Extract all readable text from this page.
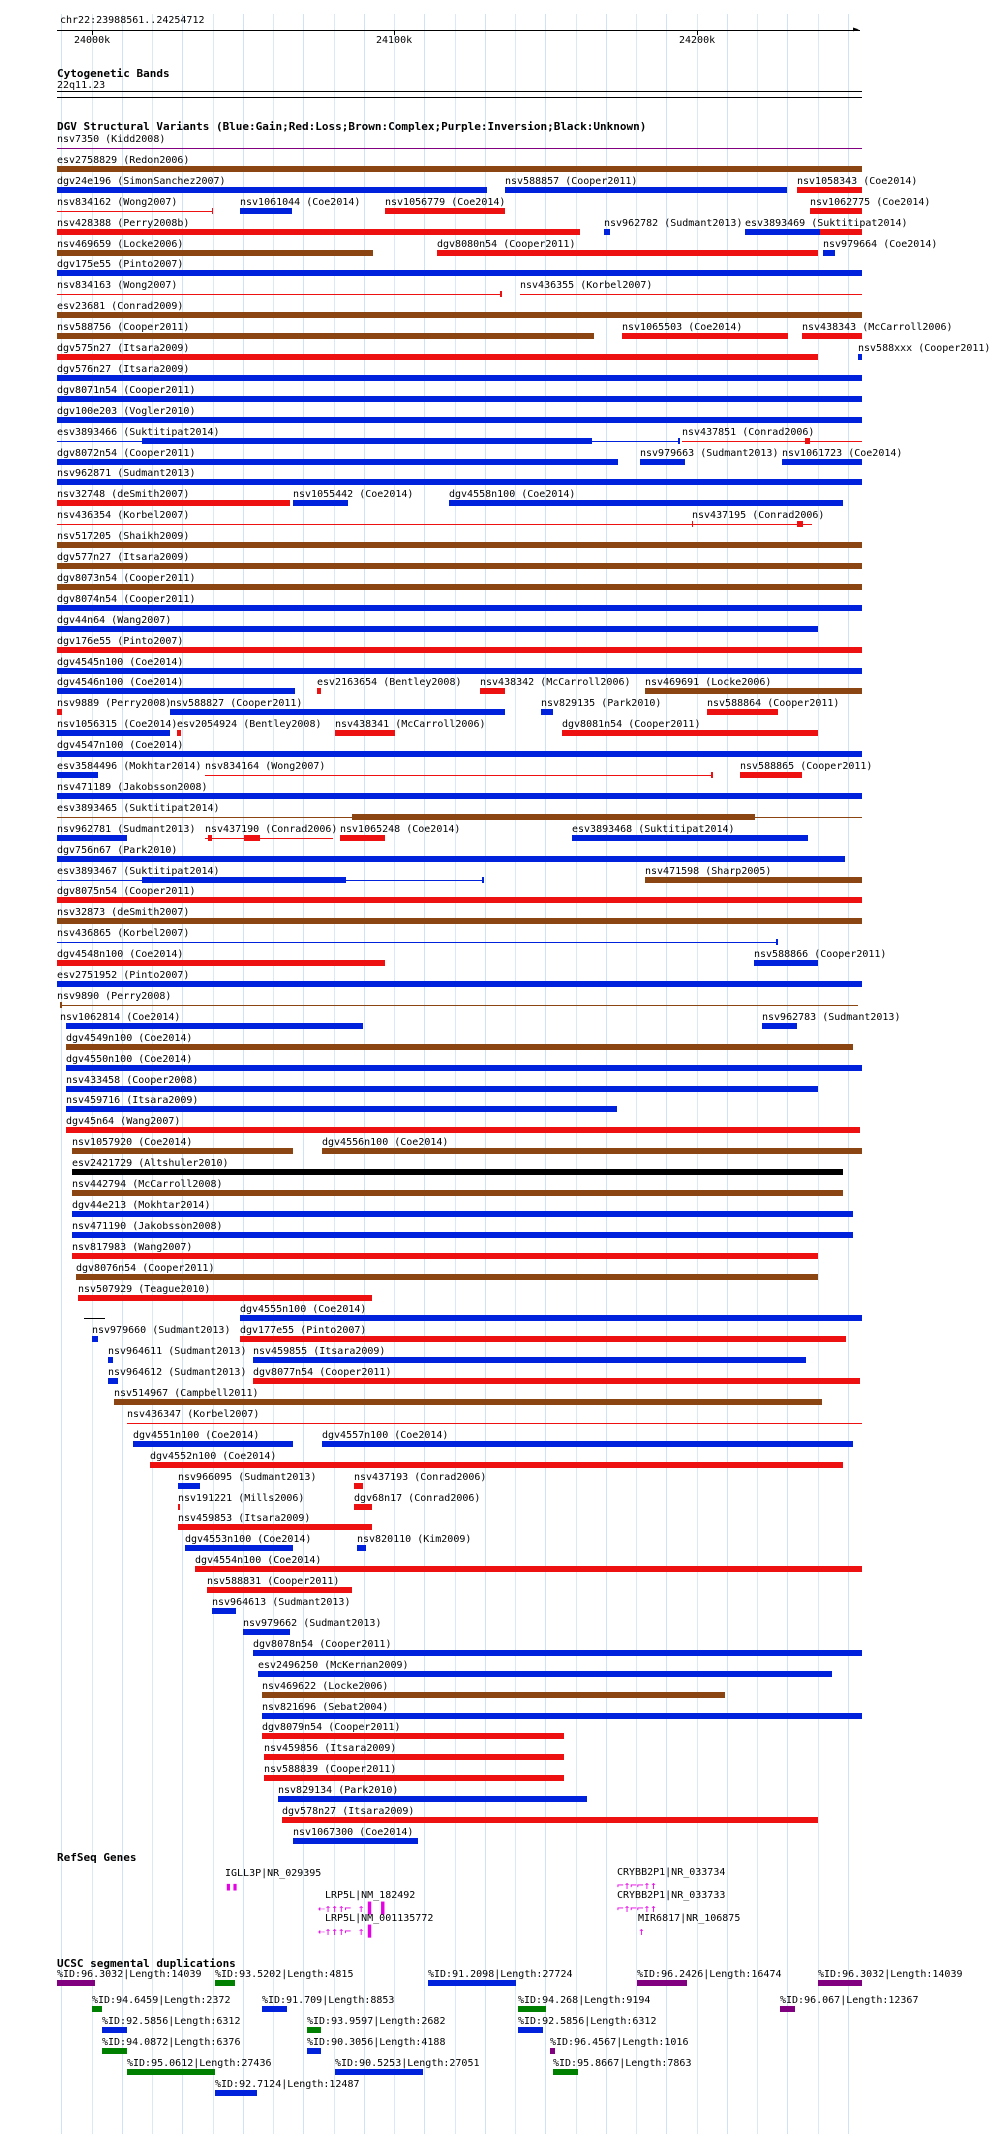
chr22:23988561..24254712
►
24000k	24100k	24200k
Cytogenetic Bands
22q11.23
DGV Structural Variants (Blue:Gain;Red:Loss;Brown:Complex;Purple:Inversion;Black:Unknown)
nsv7350 (Kidd2008)
esv2758829 (Redon2006)
dgv24e196 (SimonSanchez2007)	nsv588857 (Cooper2011)	nsv1058343 (Coe2014)
nsv834162 (Wong2007)	nsv1061044 (Coe2014) nsv1056779 (Coe2014)	nsv1062775 (Coe2014)
nsv428388 (Perry2008b)	nsv962782 (Sudmant2013) esv3893469 (Suktitipat2014)
nsv469659 (Locke2006)	dgv8080n54 (Cooper2011)	nsv979664 (Coe2014)
dgv175e55 (Pinto2007)
nsv834163 (Wong2007)	nsv436355 (Korbel2007)
esv23681 (Conrad2009)
nsv588756 (Cooper2011)	nsv1065503 (Coe2014)	nsv438343 (McCarroll2006)
dgv575n27 (Itsara2009)	nsv588xxx (Cooper2011)
dgv576n27 (Itsara2009)
dgv8071n54 (Cooper2011)
dgv100e203 (Vogler2010)
esv3893466 (Suktitipat2014)	nsv437851 (Conrad2006)
dgv8072n54 (Cooper2011)	nsv979663 (Sudmant2013) nsv1061723 (Coe2014)
nsv962871 (Sudmant2013)
nsv32748 (deSmith2007)	nsv1055442 (Coe2014)	dgv4558n100 (Coe2014)
nsv436354 (Korbel2007)	nsv437195 (Conrad2006)
nsv517205 (Shaikh2009)
dgv577n27 (Itsara2009)
dgv8073n54 (Cooper2011)
dgv8074n54 (Cooper2011)
dgv44n64 (Wang2007)
dgv176e55 (Pinto2007)
dgv4545n100 (Coe2014)
dgv4546n100 (Coe2014)	esv2163654 (Bentley2008) nsv438342 (McCarroll2006) nsv469691 (Locke2006)
nsv9889 (Perry2008)
nsv588827 (Cooper2011)	nsv829135 (Park2010)	nsv588864 (Cooper2011)
nsv1056315 (Coe2014) esv2054924 (Bentley2008) nsv438341 (McCarroll2006)	dgv8081n54 (Cooper2011)
dgv4547n100 (Coe2014)
esv3584496 (Mokhtar2014) nsv834164 (Wong2007)	nsv588865 (Cooper2011)
nsv471189 (Jakobsson2008)
esv3893465 (Suktitipat2014)
nsv962781 (Sudmant2013) nsv437190 (Conrad2006) nsv1065248 (Coe2014)	esv3893468 (Suktitipat2014)
dgv756n67 (Park2010)
esv3893467 (Suktitipat2014)	nsv471598 (Sharp2005)
dgv8075n54 (Cooper2011)
nsv32873 (deSmith2007)
nsv436865 (Korbel2007)
dgv4548n100 (Coe2014)	nsv588866 (Cooper2011)
esv2751952 (Pinto2007)
nsv9890 (Perry2008)
nsv1062814 (Coe2014)	nsv962783 (Sudmant2013)
dgv4549n100 (Coe2014)
dgv4550n100 (Coe2014)
nsv433458 (Cooper2008)
nsv459716 (Itsara2009)
dgv45n64 (Wang2007)
nsv1057920 (Coe2014)	dgv4556n100 (Coe2014)
esv2421729 (Altshuler2010)
nsv442794 (McCarroll2008)
dgv44e213 (Mokhtar2014)
nsv471190 (Jakobsson2008)
nsv817983 (Wang2007)
dgv8076n54 (Cooper2011)
nsv507929 (Teague2010)
dgv4555n100 (Coe2014)
nsv979660 (Sudmant2013) dgv177e55 (Pinto2007)
nsv964611 (Sudmant2013) nsv459855 (Itsara2009)
nsv964612 (Sudmant2013) dgv8077n54 (Cooper2011)
nsv514967 (Campbell2011)
nsv436347 (Korbel2007)
dgv4551n100 (Coe2014)	dgv4557n100 (Coe2014)
dgv4552n100 (Coe2014)
nsv966095 (Sudmant2013)	nsv437193 (Conrad2006)
nsv191221 (Mills2006)	dgv68n17 (Conrad2006)
nsv459853 (Itsara2009)
dgv4553n100 (Coe2014)	nsv820110 (Kim2009)
dgv4554n100 (Coe2014)
nsv588831 (Cooper2011)
nsv964613 (Sudmant2013)
nsv979662 (Sudmant2013)
dgv8078n54 (Cooper2011)
esv2496250 (McKernan2009)
nsv469622 (Locke2006)
nsv821696 (Sebat2004)
dgv8079n54 (Cooper2011)
nsv459856 (Itsara2009)
nsv588839 (Cooper2011)
nsv829134 (Park2010)
dgv578n27 (Itsara2009)
nsv1067300 (Coe2014)
RefSeq Genes
IGLL3P|NR_029395
▮▮
LRP5L|NM_182492
⇠↑↑↑⌐ ↑▐ ▐
LRP5L|NM_001135772
⇠↑↑↑⌐ ↑▐
CRYBB2P1|NR_033734
⌐↑⌐⌐↑↑
CRYBB2P1|NR_033733
⌐↑⌐⌐↑↑
MIR6817|NR_106875
↑
UCSC segmental duplications
%ID:96.3032|Length:14039 %ID:93.5202|Length:4815	%ID:91.2098|Length:27724	%ID:96.2426|Length:16474	%ID:96.3032|Length:14039
%ID:94.6459|Length:2372	%ID:91.709|Length:8853	%ID:94.268|Length:9194	%ID:96.067|Length:12367
%ID:92.5856|Length:6312	%ID:93.9597|Length:2682	%ID:92.5856|Length:6312
%ID:94.0872|Length:6376	%ID:90.3056|Length:4188	%ID:96.4567|Length:1016
%ID:95.0612|Length:27436	%ID:90.5253|Length:27051	%ID:95.8667|Length:7863
%ID:92.7124|Length:12487
